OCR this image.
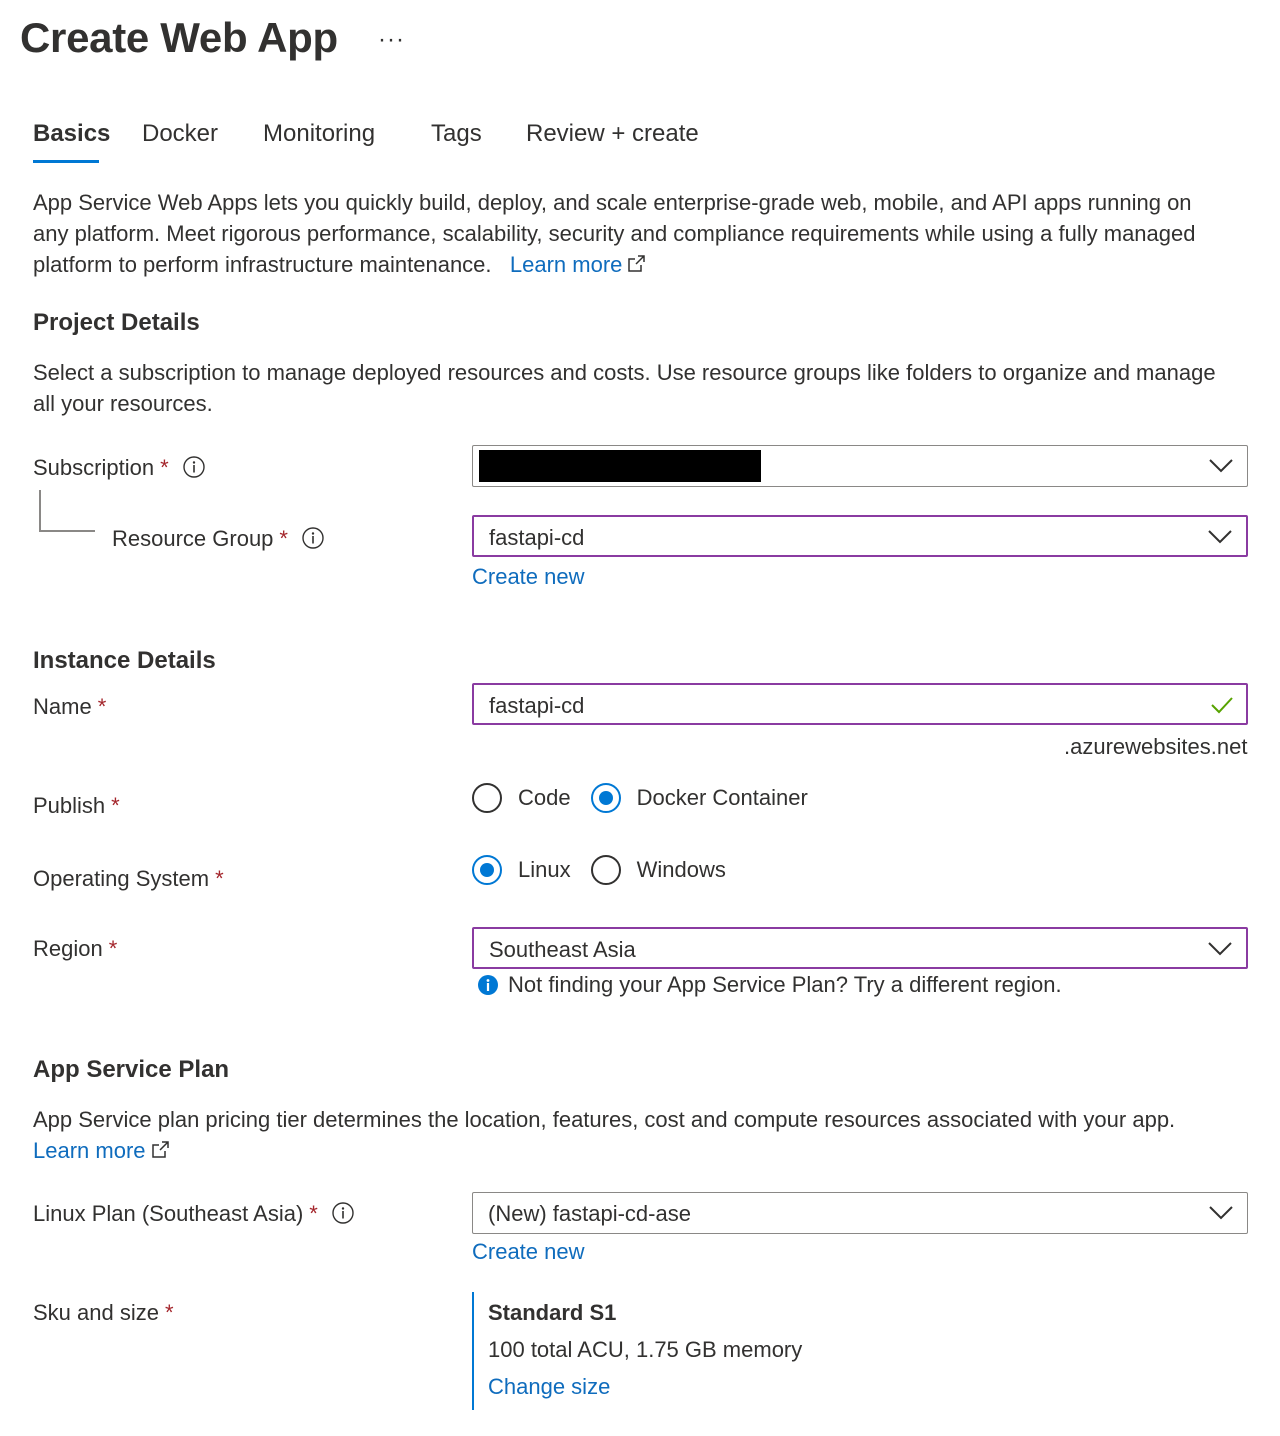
Create Web App ···
Basics Docker Monitoring Tags Review + create
App Service Web Apps lets you quickly build, deploy, and scale enterprise-grade web, mobile, and API apps running on
any platform. Meet rigorous performance, scalability, security and compliance requirements while using a fully managed
platform to perform infrastructure maintenance. Learn more
Project Details
Select a subscription to manage deployed resources and costs. Use resource groups like folders to organize and manage
all your resources.
Subscription *
Resource Group *	fastapi-cd
Create new
Instance Details
Name *	fastapi-cd
.azurewebsites.net
Publish *	Code	Docker Container
Operating System *	Linux	Windows
Region *	Southeast Asia
Not finding your App Service Plan? Try a different region.
App Service Plan
App Service plan pricing tier determines the location, features, cost and compute resources associated with your app.
Learn more
Linux Plan (Southeast Asia) *	(New) fastapi-cd-ase
Create new
Sku and size *	Standard S1
100 total ACU, 1.75 GB memory
Change size
